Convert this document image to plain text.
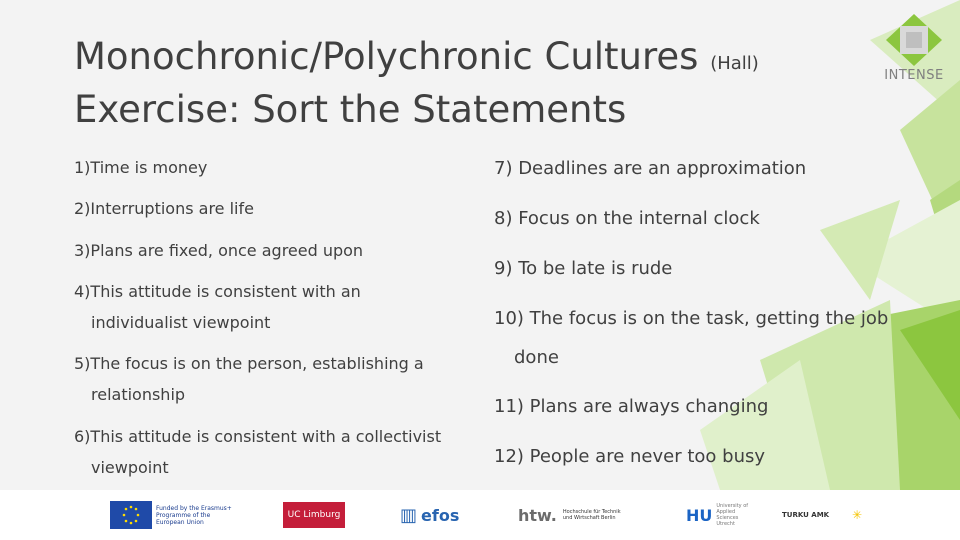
INTENSE
Monochronic/Polychronic Cultures (Hall)
Exercise: Sort the Statements
1)Time is money
2)Interruptions are life
3)Plans are fixed, once agreed upon
4)This attitude is consistent with an
individualist viewpoint
5)The focus is on the person, establishing a
relationship
6)This attitude is consistent with a collectivist
viewpoint
7) Deadlines are an approximation
8) Focus on the internal clock
9) To be late is rude
10) The focus is on the task, getting the job
done
11) Plans are always changing
12) People are never too busy
Funded by the Erasmus+ Programme of the European Union
UC Limburg	▥ efos	htw. Hochschule für Technik und Wirtschaft Berlin	HU University of Applied Sciences Utrecht
TURKU AMK	✳
